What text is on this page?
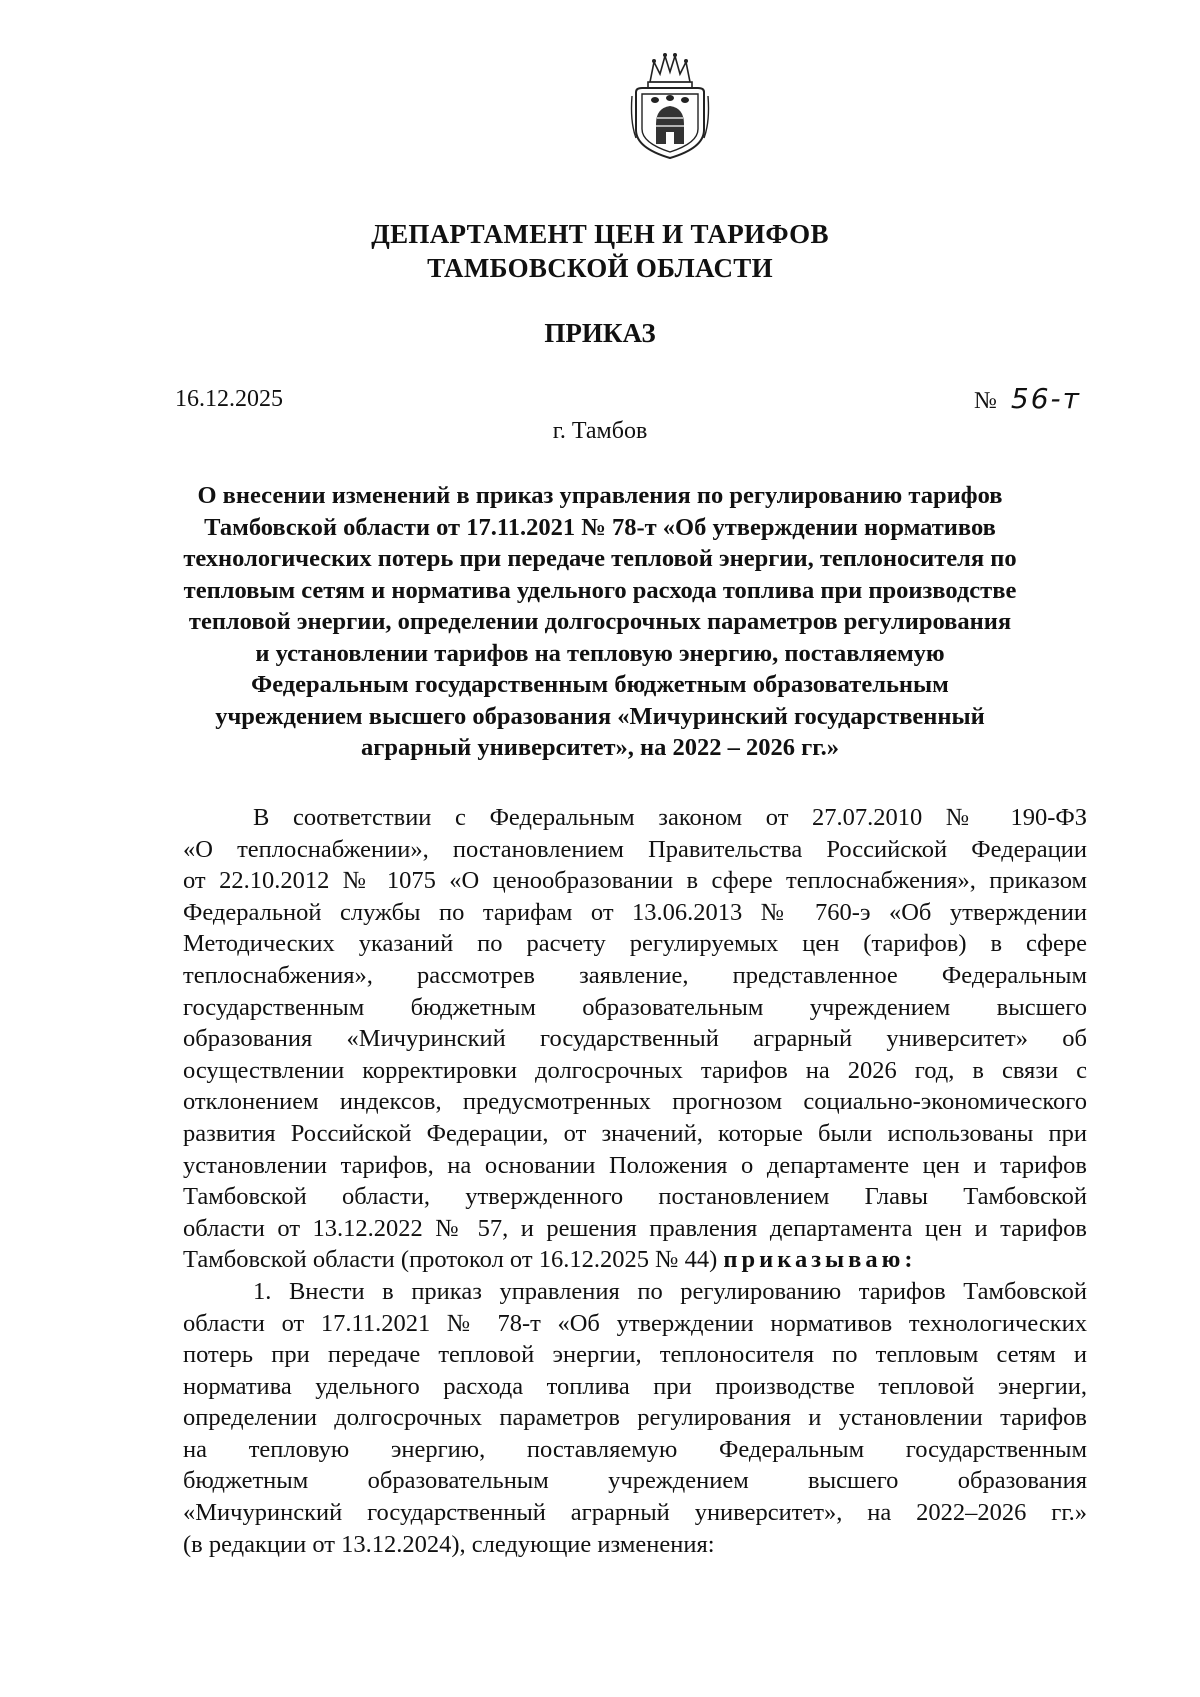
ДЕПАРТАМЕНТ ЦЕН И ТАРИФОВ
ТАМБОВСКОЙ ОБЛАСТИ
ПРИКАЗ
16.12.2025	№ 56-т
г. Тамбов
О внесении изменений в приказ управления по регулированию тарифов
Тамбовской области от 17.11.2021 № 78-т «Об утверждении нормативов
технологических потерь при передаче тепловой энергии, теплоносителя по
тепловым сетям и норматива удельного расхода топлива при производстве
тепловой энергии, определении долгосрочных параметров регулирования
и установлении тарифов на тепловую энергию, поставляемую
Федеральным государственным бюджетным образовательным
учреждением высшего образования «Мичуринский государственный
аграрный университет», на 2022 – 2026 гг.»
В соответствии с Федеральным законом от 27.07.2010 № 190-ФЗ
«О теплоснабжении», постановлением Правительства Российской Федерации
от 22.10.2012 № 1075 «О ценообразовании в сфере теплоснабжения», приказом
Федеральной службы по тарифам от 13.06.2013 № 760-э «Об утверждении
Методических указаний по расчету регулируемых цен (тарифов) в сфере
теплоснабжения», рассмотрев заявление, представленное Федеральным
государственным бюджетным образовательным учреждением высшего
образования «Мичуринский государственный аграрный университет» об
осуществлении корректировки долгосрочных тарифов на 2026 год, в связи с
отклонением индексов, предусмотренных прогнозом социально-экономического
развития Российской Федерации, от значений, которые были использованы при
установлении тарифов, на основании Положения о департаменте цен и тарифов
Тамбовской области, утвержденного постановлением Главы Тамбовской
области от 13.12.2022 № 57, и решения правления департамента цен и тарифов
Тамбовской области (протокол от 16.12.2025 № 44) приказываю:
1. Внести в приказ управления по регулированию тарифов Тамбовской
области от 17.11.2021 № 78-т «Об утверждении нормативов технологических
потерь при передаче тепловой энергии, теплоносителя по тепловым сетям и
норматива удельного расхода топлива при производстве тепловой энергии,
определении долгосрочных параметров регулирования и установлении тарифов
на тепловую энергию, поставляемую Федеральным государственным
бюджетным образовательным учреждением высшего образования
«Мичуринский государственный аграрный университет», на 2022–2026 гг.»
(в редакции от 13.12.2024), следующие изменения:
